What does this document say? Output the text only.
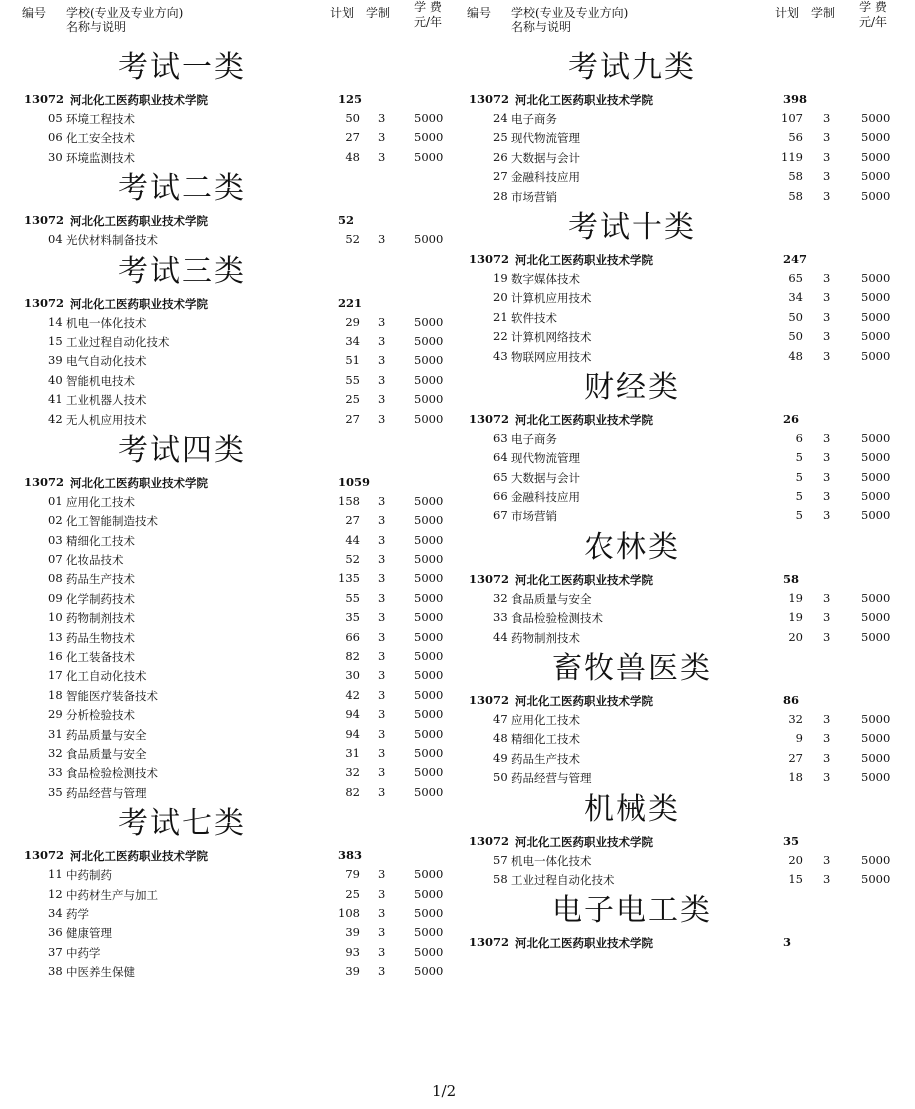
编号 学校(专业及专业方向)
名称与说明
计划 学制 学 费
元/年
考试一类
13072 河北化工医药职业技术学院	125
05 环境工程技术	50 3 5000
06 化工安全技术	27 3 5000
30 环境监测技术	48 3 5000
考试二类
13072 河北化工医药职业技术学院	52
04 光伏材料制备技术	52 3 5000
考试三类
13072 河北化工医药职业技术学院	221
14 机电一体化技术	29 3 5000
15 工业过程自动化技术	34 3 5000
39 电气自动化技术	51 3 5000
40 智能机电技术	55 3 5000
41 工业机器人技术	25 3 5000
42 无人机应用技术	27 3 5000
考试四类
13072 河北化工医药职业技术学院	1059
01 应用化工技术	158 3 5000
02 化工智能制造技术	27 3 5000
03 精细化工技术	44 3 5000
07 化妆品技术	52 3 5000
08 药品生产技术	135 3 5000
09 化学制药技术	55 3 5000
10 药物制剂技术	35 3 5000
13 药品生物技术	66 3 5000
16 化工装备技术	82 3 5000
17 化工自动化技术	30 3 5000
18 智能医疗装备技术	42 3 5000
29 分析检验技术	94 3 5000
31 药品质量与安全	94 3 5000
32 食品质量与安全	31 3 5000
33 食品检验检测技术	32 3 5000
35 药品经营与管理	82 3 5000
考试七类
13072 河北化工医药职业技术学院	383
11 中药制药	79 3 5000
12 中药材生产与加工	25 3 5000
34 药学	108 3 5000
36 健康管理	39 3 5000
37 中药学	93 3 5000
38 中医养生保健	39 3 5000
编号 学校(专业及专业方向)
名称与说明
计划 学制 学 费
元/年
考试九类
13072 河北化工医药职业技术学院	398
24 电子商务	107 3	5000
25 现代物流管理	56 3	5000
26 大数据与会计	119 3	5000
27 金融科技应用	58 3	5000
28 市场营销	58 3	5000
考试十类
13072 河北化工医药职业技术学院	247
19 数字媒体技术	65 3	5000
20 计算机应用技术	34 3	5000
21 软件技术	50 3	5000
22 计算机网络技术	50 3	5000
43 物联网应用技术	48 3	5000
财经类
13072 河北化工医药职业技术学院	26
63 电子商务	6 3	5000
64 现代物流管理	5 3	5000
65 大数据与会计	5 3	5000
66 金融科技应用	5 3	5000
67 市场营销	5 3	5000
农林类
13072 河北化工医药职业技术学院	58
32 食品质量与安全	19 3	5000
33 食品检验检测技术	19 3	5000
44 药物制剂技术	20 3	5000
畜牧兽医类
13072 河北化工医药职业技术学院	86
47 应用化工技术	32 3	5000
48 精细化工技术	9 3	5000
49 药品生产技术	27 3	5000
50 药品经营与管理	18 3	5000
机械类
13072 河北化工医药职业技术学院	35
57 机电一体化技术	20 3	5000
58 工业过程自动化技术	15 3	5000
电子电工类
13072 河北化工医药职业技术学院	3
1/2
